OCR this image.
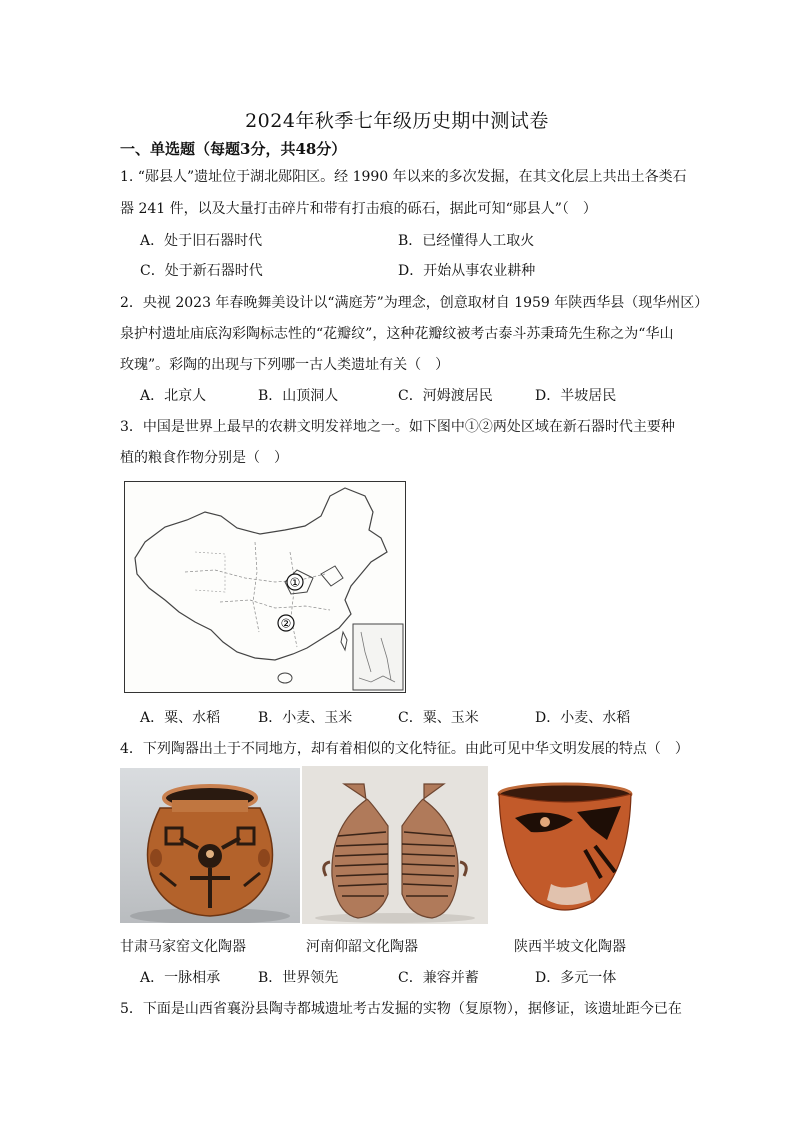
2024年秋季七年级历史期中测试卷
一、单选题（每题3分，共48分）
1. “郧县人”遗址位于湖北郧阳区。经 1990 年以来的多次发掘，在其文化层上共出土各类石
器 241 件，以及大量打击碎片和带有打击痕的砾石，据此可知“郧县人”（　）
A．处于旧石器时代	B．已经懂得人工取火
C．处于新石器时代	D．开始从事农业耕种
2．央视 2023 年春晚舞美设计以“满庭芳”为理念，创意取材自 1959 年陕西华县（现华州区）
泉护村遗址庙底沟彩陶标志性的“花瓣纹”，这种花瓣纹被考古泰斗苏秉琦先生称之为“华山
玫瑰”。彩陶的出现与下列哪一古人类遗址有关（　）
A．北京人	B．山顶洞人	C．河姆渡居民	D．半坡居民
3．中国是世界上最早的农耕文明发祥地之一。如下图中①②两处区域在新石器时代主要种
植的粮食作物分别是（　）
①
②
A．粟、水稻	B．小麦、玉米	C．粟、玉米	D．小麦、水稻
4．下列陶器出土于不同地方，却有着相似的文化特征。由此可见中华文明发展的特点（　）
甘肃马家窑文化陶器	河南仰韶文化陶器	陕西半坡文化陶器
A．一脉相承	B．世界领先	C．兼容并蓄	D．多元一体
5．下面是山西省襄汾县陶寺都城遗址考古发掘的实物（复原物），据修证，该遗址距今已在
